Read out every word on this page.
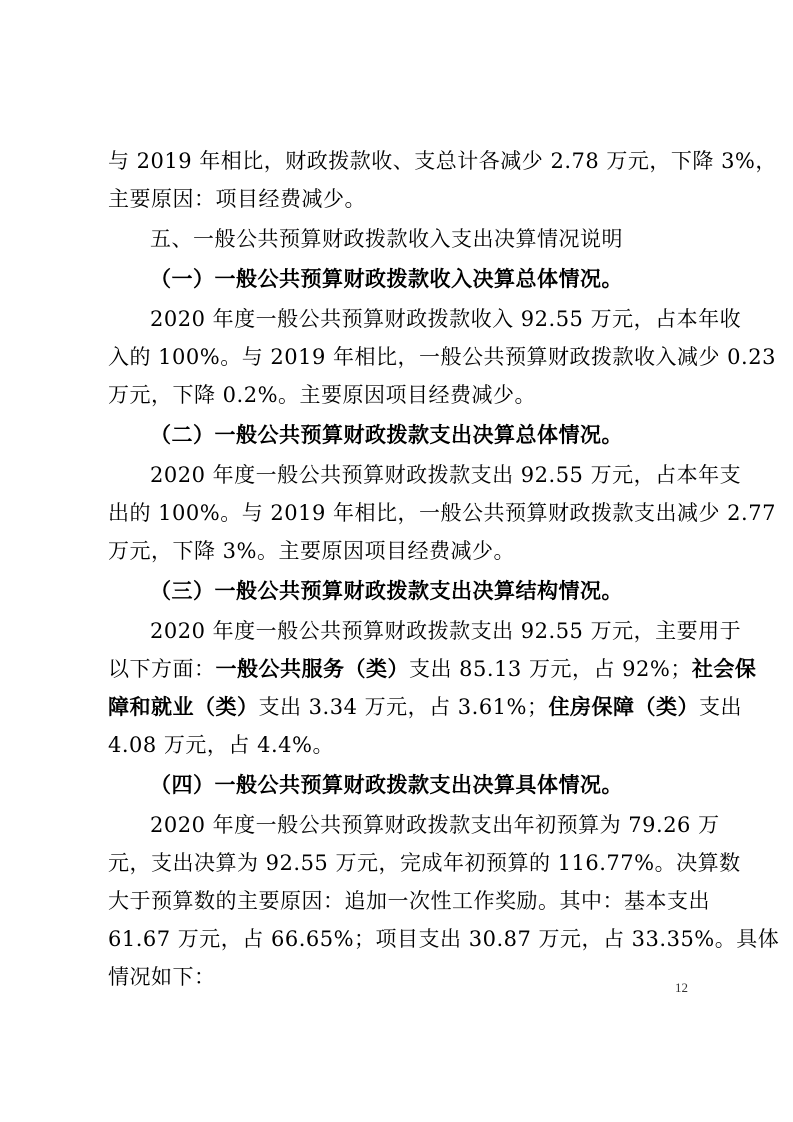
与 2019 年相比，财政拨款收、支总计各减少 2.78 万元，下降 3%，
主要原因：项目经费减少。
五、一般公共预算财政拨款收入支出决算情况说明
（一）一般公共预算财政拨款收入决算总体情况。
2020 年度一般公共预算财政拨款收入 92.55 万元，占本年收
入的 100%。与 2019 年相比，一般公共预算财政拨款收入减少 0.23
万元，下降 0.2%。主要原因项目经费减少。
（二）一般公共预算财政拨款支出决算总体情况。
2020 年度一般公共预算财政拨款支出 92.55 万元，占本年支
出的 100%。与 2019 年相比，一般公共预算财政拨款支出减少 2.77
万元，下降 3%。主要原因项目经费减少。
（三）一般公共预算财政拨款支出决算结构情况。
2020 年度一般公共预算财政拨款支出 92.55 万元，主要用于
以下方面：一般公共服务（类）支出 85.13 万元，占 92%；社会保
障和就业（类）支出 3.34 万元，占 3.61%；住房保障（类）支出
4.08 万元，占 4.4%。
（四）一般公共预算财政拨款支出决算具体情况。
2020 年度一般公共预算财政拨款支出年初预算为 79.26 万
元，支出决算为 92.55 万元，完成年初预算的 116.77%。决算数
大于预算数的主要原因：追加一次性工作奖励。其中：基本支出
61.67 万元，占 66.65%；项目支出 30.87 万元，占 33.35%。具体
情况如下：	12
